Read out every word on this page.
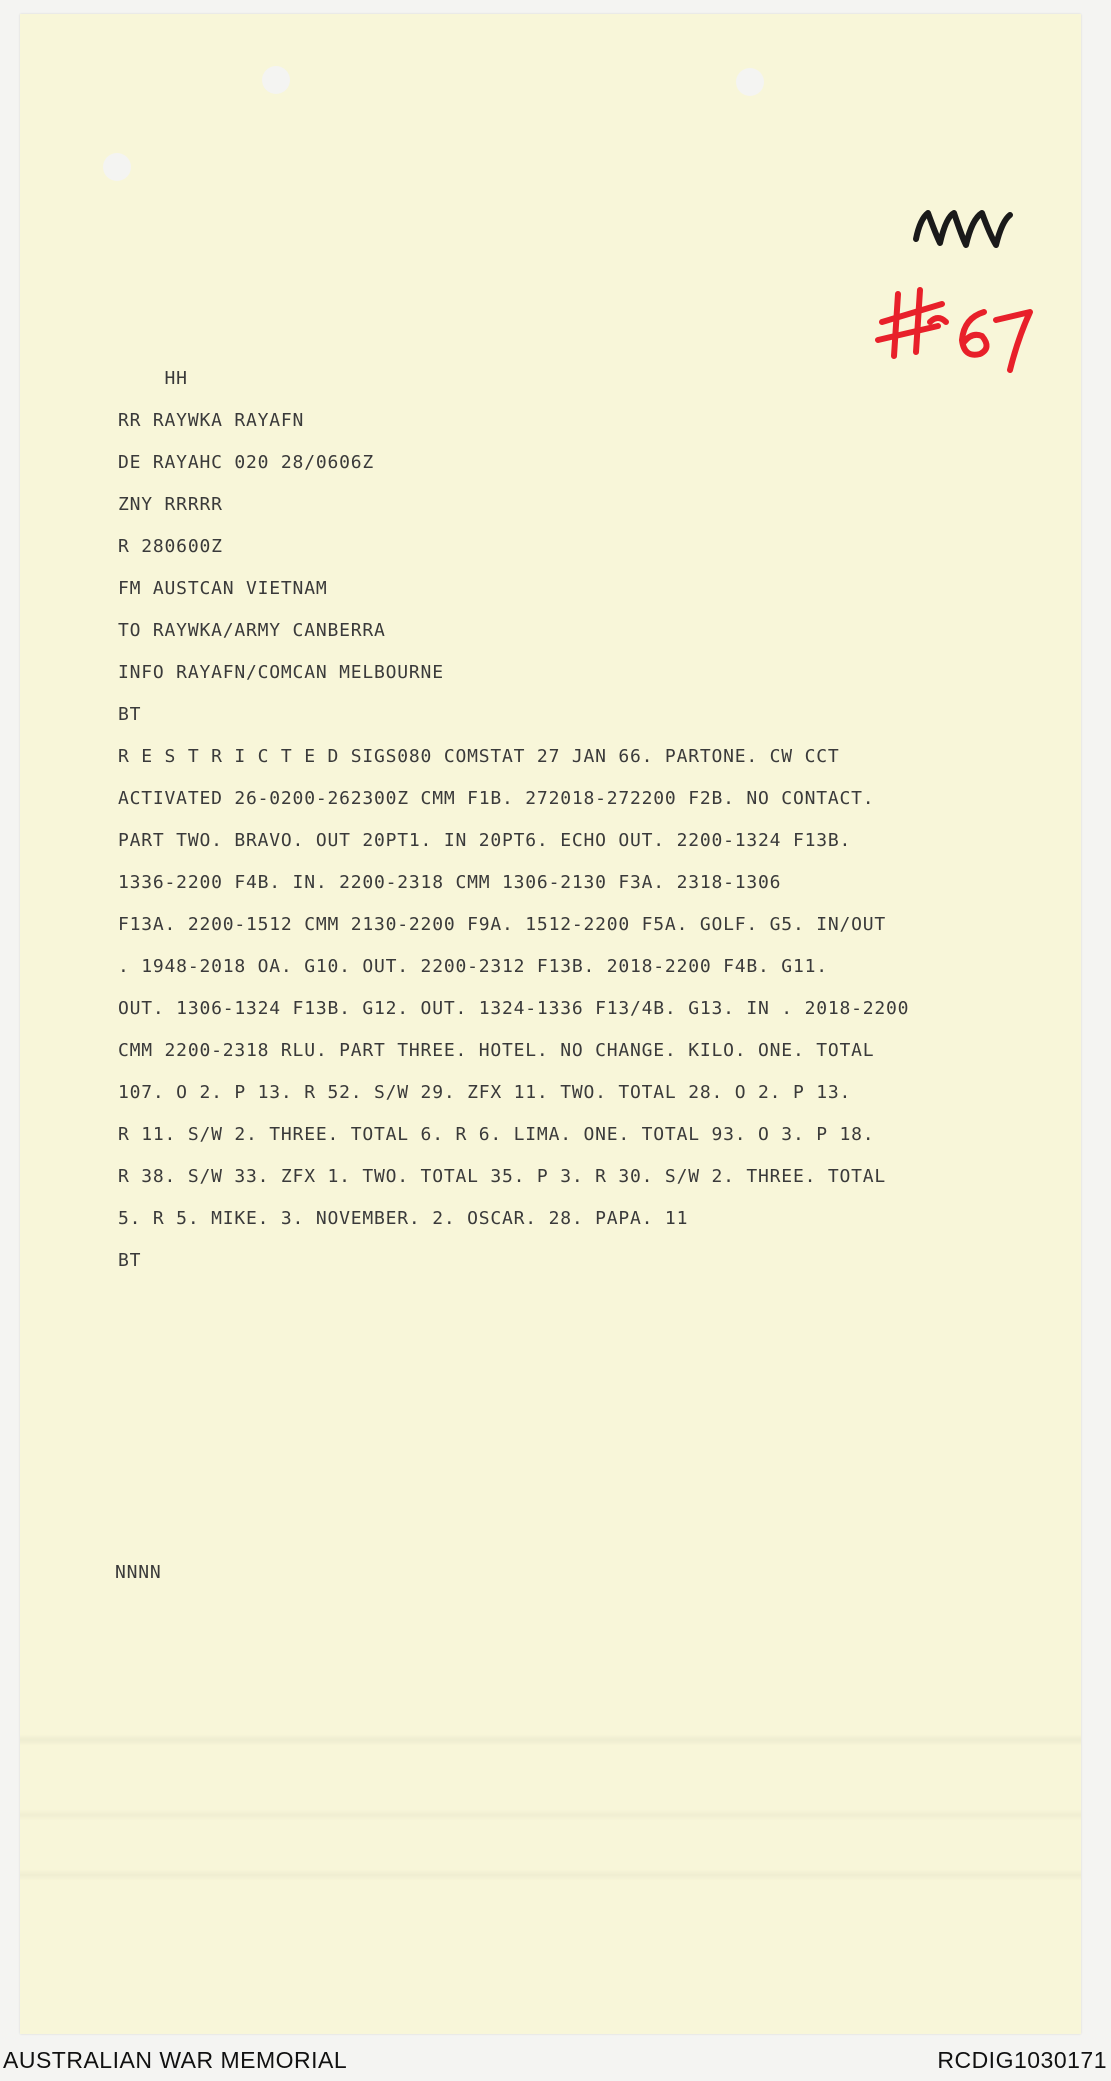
HH
RR RAYWKA RAYAFN
DE RAYAHC 020 28/0606Z
ZNY RRRRR
R 280600Z
FM AUSTCAN VIETNAM
TO RAYWKA/ARMY CANBERRA
INFO RAYAFN/COMCAN MELBOURNE
BT
R E S T R I C T E D SIGS080 COMSTAT 27 JAN 66. PARTONE. CW CCT
ACTIVATED 26-0200-262300Z CMM F1B. 272018-272200 F2B. NO CONTACT.
PART TWO. BRAVO. OUT 20PT1. IN 20PT6. ECHO OUT. 2200-1324 F13B.
1336-2200 F4B. IN. 2200-2318 CMM 1306-2130 F3A. 2318-1306
F13A. 2200-1512 CMM 2130-2200 F9A. 1512-2200 F5A. GOLF. G5. IN/OUT
. 1948-2018 OA. G10. OUT. 2200-2312 F13B. 2018-2200 F4B. G11.
OUT. 1306-1324 F13B. G12. OUT. 1324-1336 F13/4B. G13. IN . 2018-2200
CMM 2200-2318 RLU. PART THREE. HOTEL. NO CHANGE. KILO. ONE. TOTAL
107. O 2. P 13. R 52. S/W 29. ZFX 11. TWO. TOTAL 28. O 2. P 13.
R 11. S/W 2. THREE. TOTAL 6. R 6. LIMA. ONE. TOTAL 93. O 3. P 18.
R 38. S/W 33. ZFX 1. TWO. TOTAL 35. P 3. R 30. S/W 2. THREE. TOTAL
5. R 5. MIKE. 3. NOVEMBER. 2. OSCAR. 28. PAPA. 11
BT
NNNN
AUSTRALIAN WAR MEMORIAL	RCDIG1030171
